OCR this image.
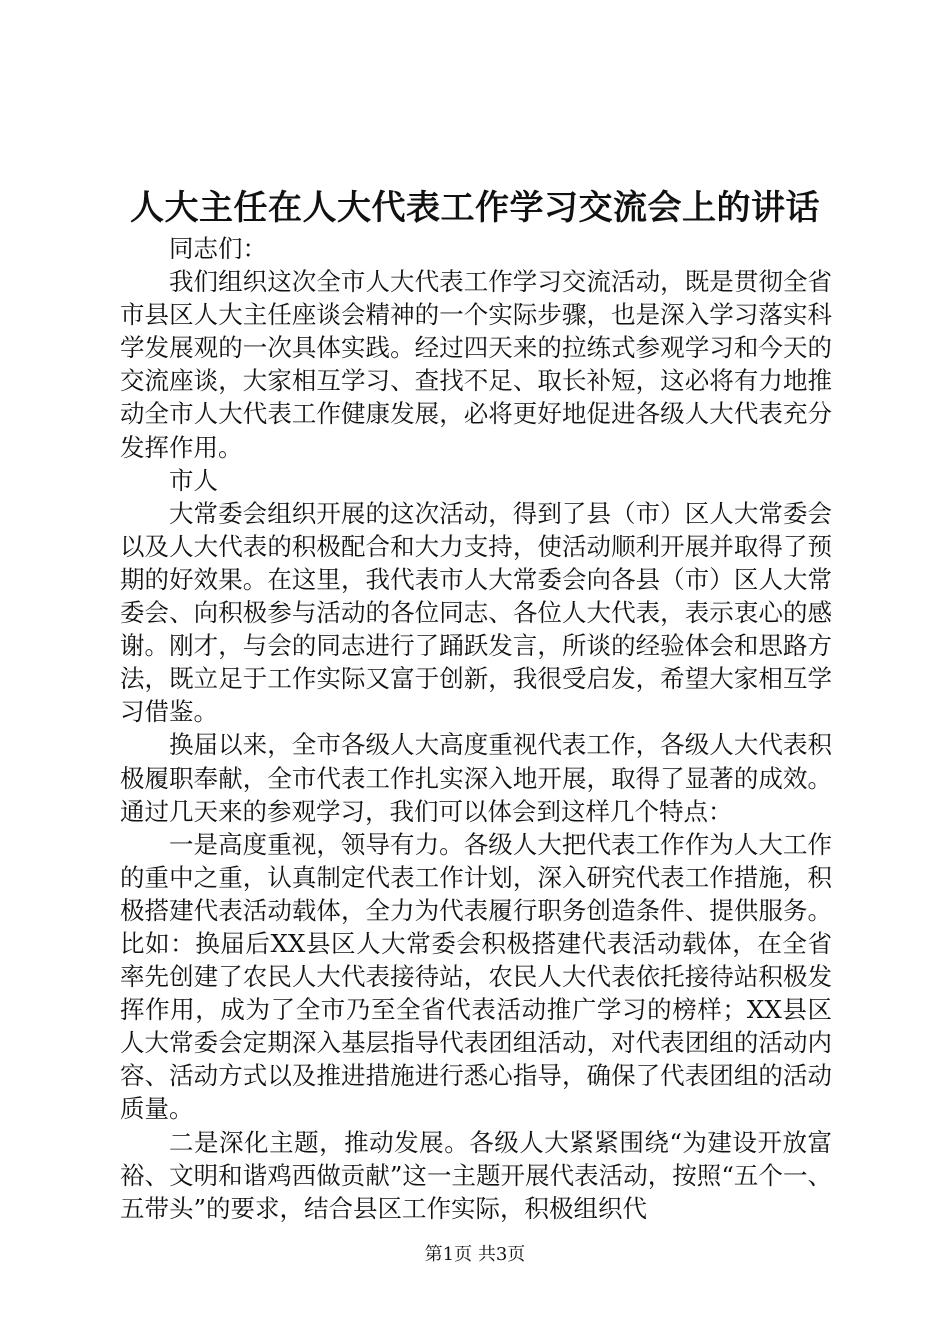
人大主任在人大代表工作学习交流会上的讲话

同志们：

我们组织这次全市人大代表工作学习交流活动，既是贯彻全省市县区人大主任座谈会精神的一个实际步骤，也是深入学习落实科学发展观的一次具体实践。经过四天来的拉练式参观学习和今天的交流座谈，大家相互学习、查找不足、取长补短，这必将有力地推动全市人大代表工作健康发展，必将更好地促进各级人大代表充分发挥作用。

市人

大常委会组织开展的这次活动，得到了县（市）区人大常委会以及人大代表的积极配合和大力支持，使活动顺利开展并取得了预期的好效果。在这里，我代表市人大常委会向各县（市）区人大常委会、向积极参与活动的各位同志、各位人大代表，表示衷心的感谢。刚才，与会的同志进行了踊跃发言，所谈的经验体会和思路方法，既立足于工作实际又富于创新，我很受启发，希望大家相互学习借鉴。

换届以来，全市各级人大高度重视代表工作，各级人大代表积极履职奉献，全市代表工作扎实深入地开展，取得了显著的成效。通过几天来的参观学习，我们可以体会到这样几个特点：

一是高度重视，领导有力。各级人大把代表工作作为人大工作的重中之重，认真制定代表工作计划，深入研究代表工作措施，积极搭建代表活动载体，全力为代表履行职务创造条件、提供服务。比如：换届后XX县区人大常委会积极搭建代表活动载体，在全省率先创建了农民人大代表接待站，农民人大代表依托接待站积极发挥作用，成为了全市乃至全省代表活动推广学习的榜样；XX县区人大常委会定期深入基层指导代表团组活动，对代表团组的活动内容、活动方式以及推进措施进行悉心指导，确保了代表团组的活动质量。

二是深化主题，推动发展。各级人大紧紧围绕“为建设开放富裕、文明和谐鸡西做贡献”这一主题开展代表活动，按照“五个一、五带头”的要求，结合县区工作实际，积极组织代

第1页 共3页
